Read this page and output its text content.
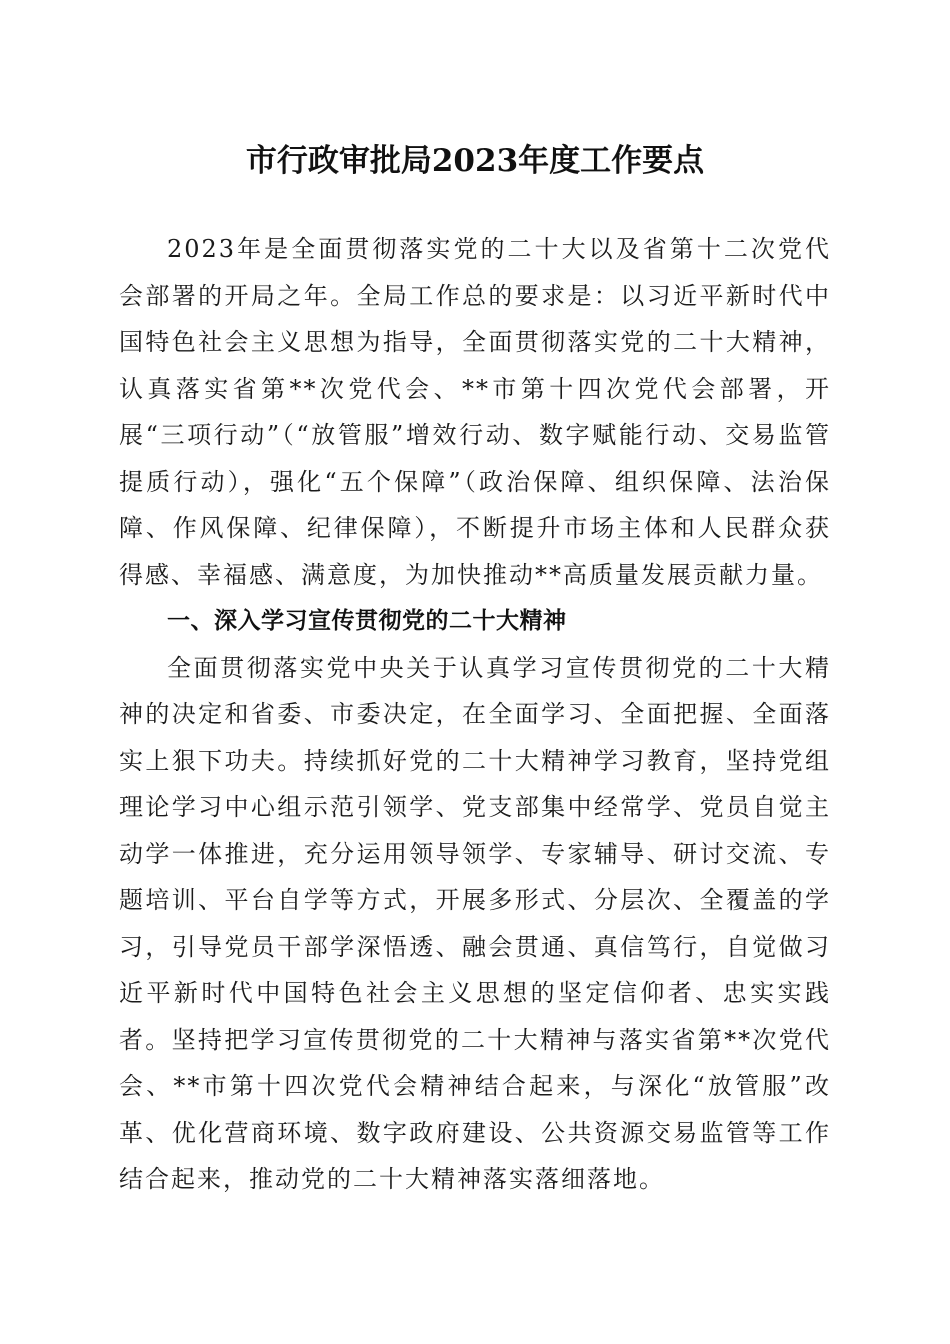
市行政审批局2023年度工作要点

2023年是全面贯彻落实党的二十大以及省第十二次党代会部署的开局之年。全局工作总的要求是：以习近平新时代中国特色社会主义思想为指导，全面贯彻落实党的二十大精神，认真落实省第**次党代会、**市第十四次党代会部署，开展“三项行动”（“放管服”增效行动、数字赋能行动、交易监管提质行动），强化“五个保障”（政治保障、组织保障、法治保障、作风保障、纪律保障），不断提升市场主体和人民群众获得感、幸福感、满意度，为加快推动**高质量发展贡献力量。

一、深入学习宣传贯彻党的二十大精神

全面贯彻落实党中央关于认真学习宣传贯彻党的二十大精神的决定和省委、市委决定，在全面学习、全面把握、全面落实上狠下功夫。持续抓好党的二十大精神学习教育，坚持党组理论学习中心组示范引领学、党支部集中经常学、党员自觉主动学一体推进，充分运用领导领学、专家辅导、研讨交流、专题培训、平台自学等方式，开展多形式、分层次、全覆盖的学习，引导党员干部学深悟透、融会贯通、真信笃行，自觉做习近平新时代中国特色社会主义思想的坚定信仰者、忠实实践者。坚持把学习宣传贯彻党的二十大精神与落实省第**次党代会、**市第十四次党代会精神结合起来，与深化“放管服”改革、优化营商环境、数字政府建设、公共资源交易监管等工作结合起来，推动党的二十大精神落实落细落地。
